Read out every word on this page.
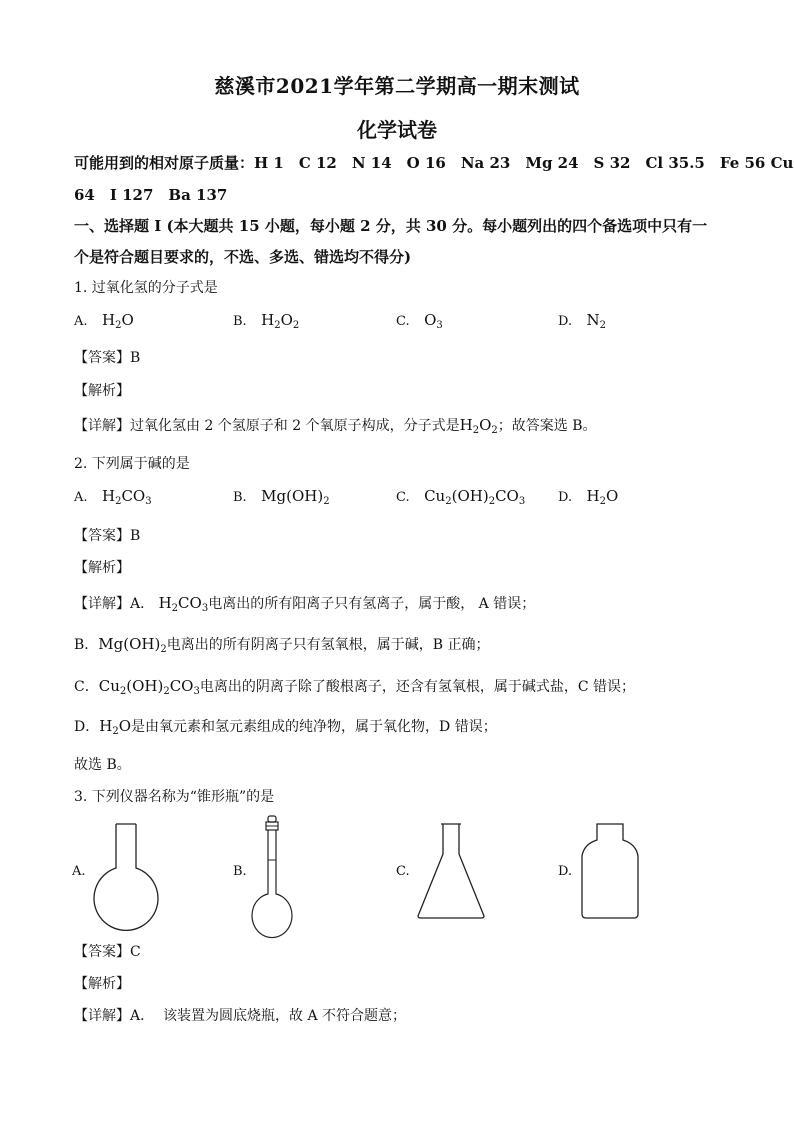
慈溪市2021学年第二学期高一期末测试
化学试卷
可能用到的相对原子质量：H 1　C 12　N 14　O 16　Na 23　Mg 24　S 32　Cl 35.5　Fe 56 Cu
64　I 127　Ba 137
一、选择题 I (本大题共 15 小题，每小题 2 分，共 30 分。每小题列出的四个备选项中只有一
个是符合题目要求的，不选、多选、错选均不得分)
1. 过氧化氢的分子式是
A. $H_2O$	B. $H_2O_2$	C. $O_3$	D. $N_2$
【答案】B
【解析】
【详解】过氧化氢由 2 个氢原子和 2 个氧原子构成，分子式是$H_2O_2$；故答案选 B。
2. 下列属于碱的是
A. $H_2CO_3$	B. $Mg(OH)_2$	C. $Cu_2(OH)_2CO_3$	D. $H_2O$
【答案】B
【解析】
【详解】A． $H_2CO_3$电离出的所有阳离子只有氢离子，属于酸， A 错误；
B．$Mg(OH)_2$电离出的所有阴离子只有氢氧根，属于碱，B 正确；
C．$Cu_2(OH)_2CO_3$电离出的阴离子除了酸根离子，还含有氢氧根，属于碱式盐，C 错误；
D．$H_2O$是由氧元素和氢元素组成的纯净物，属于氧化物，D 错误；
故选 B。
3. 下列仪器名称为“锥形瓶”的是
A.	B.	C.	D.
【答案】C
【解析】
【详解】A． 该装置为圆底烧瓶，故 A 不符合题意；
